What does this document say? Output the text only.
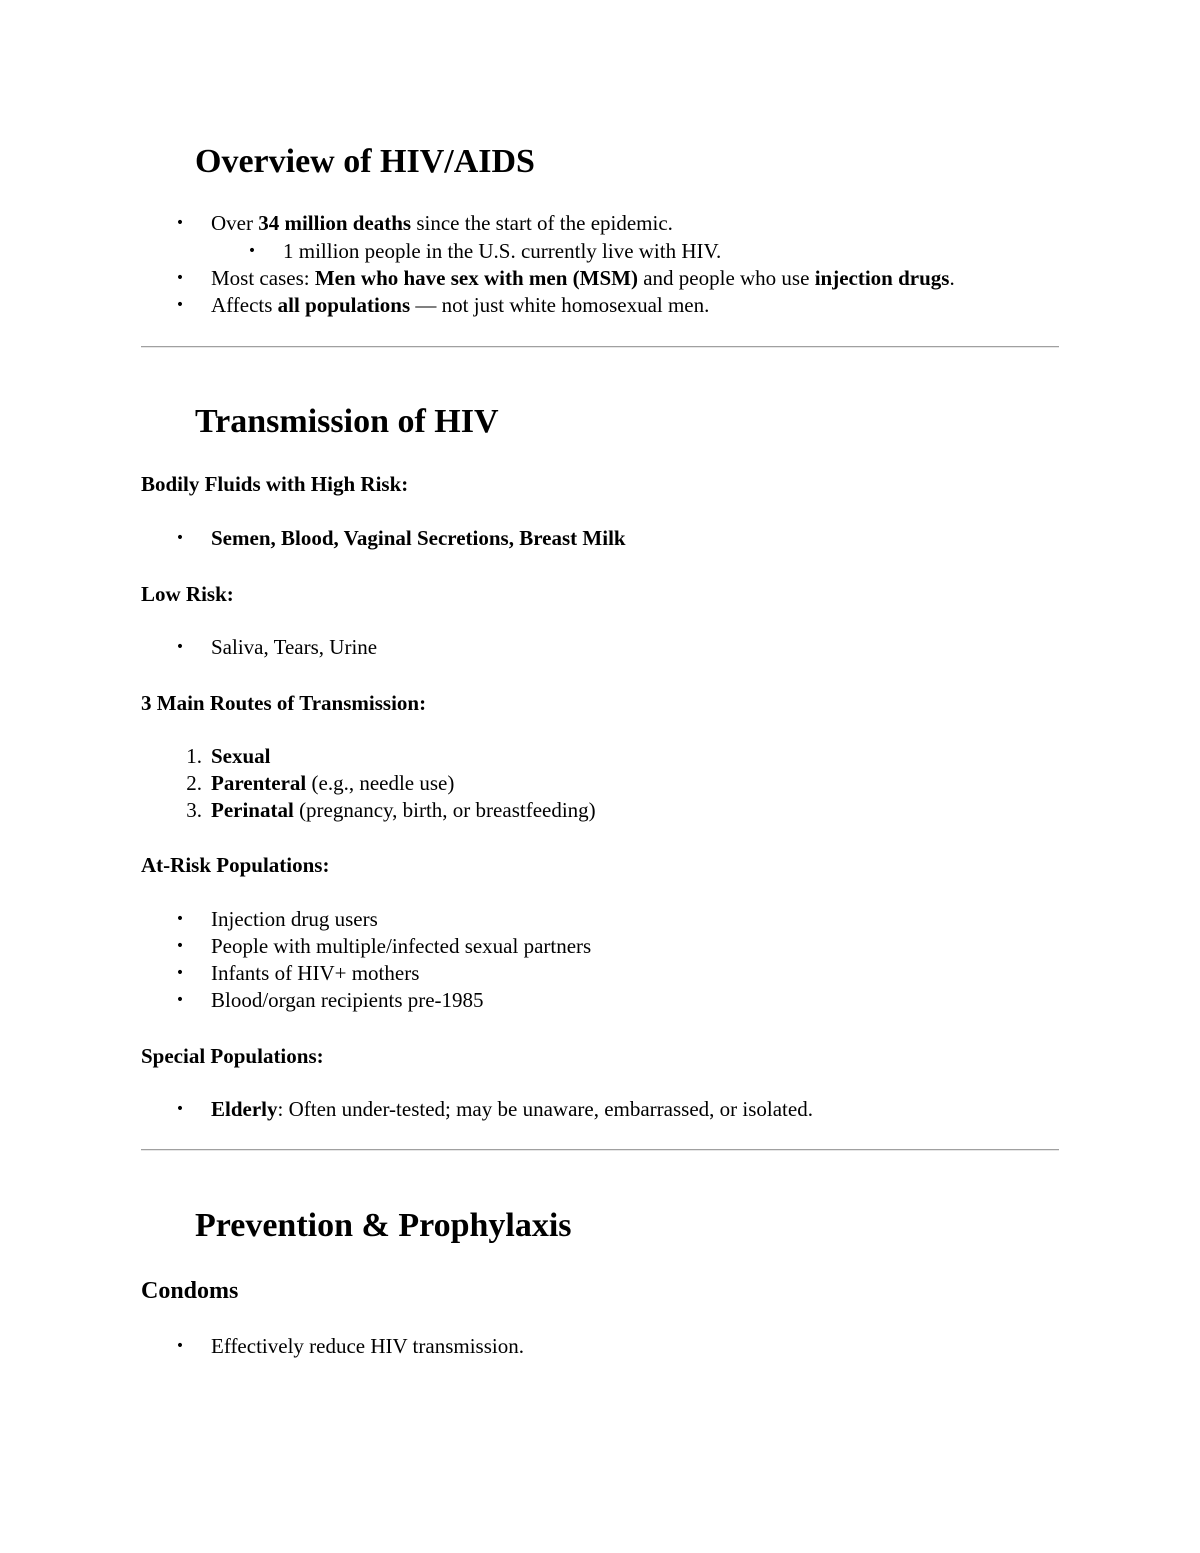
Overview of HIV/AIDS
•	Over 34 million deaths since the start of the epidemic.
•	1 million people in the U.S. currently live with HIV.
•	Most cases: Men who have sex with men (MSM) and people who use injection drugs.
•	Affects all populations — not just white homosexual men.
Transmission of HIV
Bodily Fluids with High Risk:
•	Semen, Blood, Vaginal Secretions, Breast Milk
Low Risk:
•	Saliva, Tears, Urine
3 Main Routes of Transmission:
1. Sexual
2. Parenteral (e.g., needle use)
3. Perinatal (pregnancy, birth, or breastfeeding)
At-Risk Populations:
•	Injection drug users
•	People with multiple/infected sexual partners
•	Infants of HIV+ mothers
•	Blood/organ recipients pre-1985
Special Populations:
•	Elderly: Often under-tested; may be unaware, embarrassed, or isolated.
Prevention & Prophylaxis
Condoms
•	Effectively reduce HIV transmission.
